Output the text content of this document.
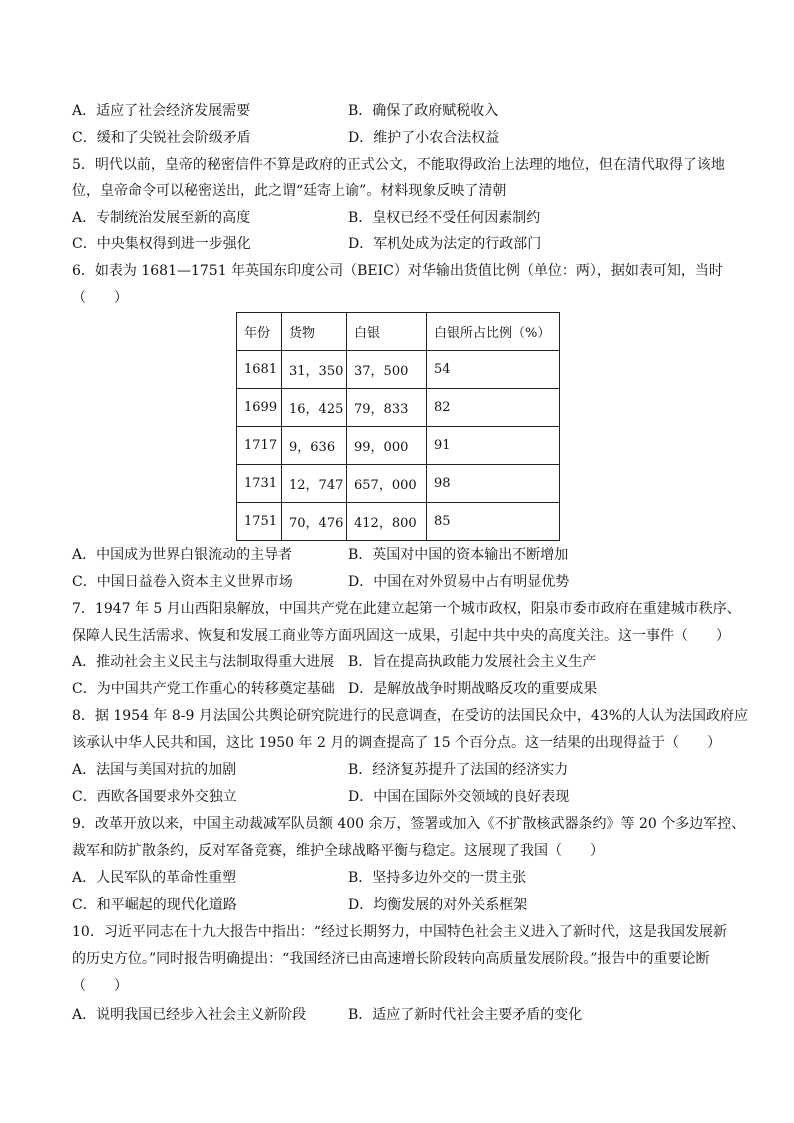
A．适应了社会经济发展需要	B．确保了政府赋税收入
C．缓和了尖锐社会阶级矛盾	D．维护了小农合法权益
5．明代以前，皇帝的秘密信件不算是政府的正式公文，不能取得政治上法理的地位，但在清代取得了该地
位，皇帝命令可以秘密送出，此之谓“廷寄上谕”。材料现象反映了清朝
A．专制统治发展至新的高度	B．皇权已经不受任何因素制约
C．中央集权得到进一步强化	D．军机处成为法定的行政部门
6．如表为 1681—1751 年英国东印度公司（BEIC）对华输出货值比例（单位：两），据如表可知，当时
（　　）
年份	货物	白银	白银所占比例（%）
1681	31，350	37，500	54
1699	16，425	79，833	82
1717	9，636	99，000	91
1731	12，747	657，000	98
1751	70，476	412，800	85
A．中国成为世界白银流动的主导者	B．英国对中国的资本输出不断增加
C．中国日益卷入资本主义世界市场	D．中国在对外贸易中占有明显优势
7．1947 年 5 月山西阳泉解放，中国共产党在此建立起第一个城市政权，阳泉市委市政府在重建城市秩序、
保障人民生活需求、恢复和发展工商业等方面巩固这一成果，引起中共中央的高度关注。这一事件（　　）
A．推动社会主义民主与法制取得重大进展 B．旨在提高执政能力发展社会主义生产
C．为中国共产党工作重心的转移奠定基础 D．是解放战争时期战略反攻的重要成果
8．据 1954 年 8-9 月法国公共舆论研究院进行的民意调查，在受访的法国民众中，43%的人认为法国政府应
该承认中华人民共和国，这比 1950 年 2 月的调查提高了 15 个百分点。这一结果的出现得益于（　　）
A．法国与美国对抗的加剧	B．经济复苏提升了法国的经济实力
C．西欧各国要求外交独立	D．中国在国际外交领域的良好表现
9．改革开放以来，中国主动裁减军队员额 400 余万，签署或加入《不扩散核武器条约》等 20 个多边军控、
裁军和防扩散条约，反对军备竞赛，维护全球战略平衡与稳定。这展现了我国（　　）
A．人民军队的革命性重塑	B．坚持多边外交的一贯主张
C．和平崛起的现代化道路	D．均衡发展的对外关系框架
10．习近平同志在十九大报告中指出：“经过长期努力，中国特色社会主义进入了新时代，这是我国发展新
的历史方位。”同时报告明确提出：“我国经济已由高速增长阶段转向高质量发展阶段。”报告中的重要论断
（　　）
A．说明我国已经步入社会主义新阶段	B．适应了新时代社会主要矛盾的变化
